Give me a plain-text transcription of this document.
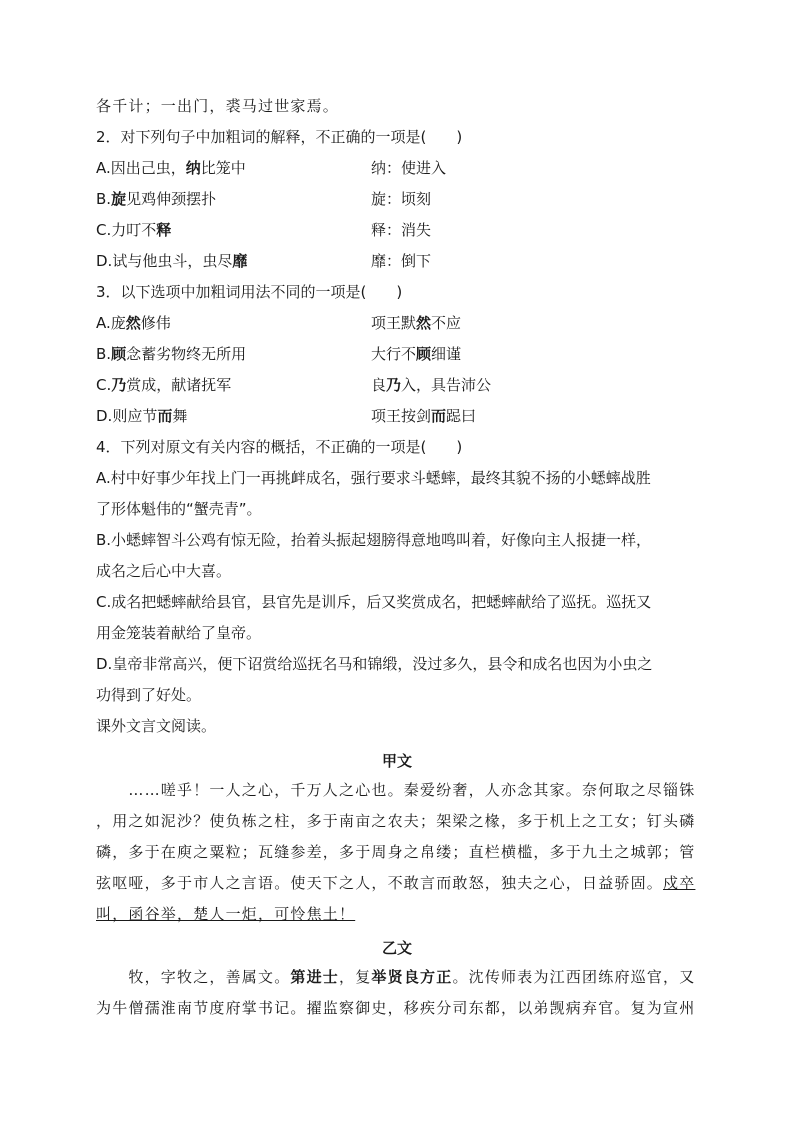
各千计；一出门，裘马过世家焉。
2．对下列句子中加粗词的解释，不正确的一项是(　　)
A.因出己虫，纳比笼中	纳：使进入
B.旋见鸡伸颈摆扑	旋：顷刻
C.力叮不释	释：消失
D.试与他虫斗，虫尽靡	靡：倒下
3．以下选项中加粗词用法不同的一项是(　　)
A.庞然修伟	项王默然不应
B.顾念蓄劣物终无所用	大行不顾细谨
C.乃赏成，献诸抚军	良乃入，具告沛公
D.则应节而舞	项王按剑而跽曰
4．下列对原文有关内容的概括，不正确的一项是(　　)
A.村中好事少年找上门一再挑衅成名，强行要求斗蟋蟀，最终其貌不扬的小蟋蟀战胜
了形体魁伟的“蟹壳青”。
B.小蟋蟀智斗公鸡有惊无险，抬着头振起翅膀得意地鸣叫着，好像向主人报捷一样，
成名之后心中大喜。
C.成名把蟋蟀献给县官，县官先是训斥，后又奖赏成名，把蟋蟀献给了巡抚。巡抚又
用金笼装着献给了皇帝。
D.皇帝非常高兴，便下诏赏给巡抚名马和锦缎，没过多久，县令和成名也因为小虫之
功得到了好处。
课外文言文阅读。
甲文
　　……嗟乎！一人之心，千万人之心也。秦爱纷奢，人亦念其家。奈何取之尽锱铢
，用之如泥沙？使负栋之柱，多于南亩之农夫；架梁之椽，多于机上之工女；钉头磷
磷，多于在庾之粟粒；瓦缝参差，多于周身之帛缕；直栏横槛，多于九土之城郭；管
弦呕哑，多于市人之言语。使天下之人，不敢言而敢怒，独夫之心，日益骄固。戍卒
叫，函谷举，楚人一炬，可怜焦土！
乙文
　　牧，字牧之，善属文。第进士，复举贤良方正。沈传师表为江西团练府巡官，又
为牛僧孺淮南节度府掌书记。擢监察御史，移疾分司东都，以弟觊病弃官。复为宣州
